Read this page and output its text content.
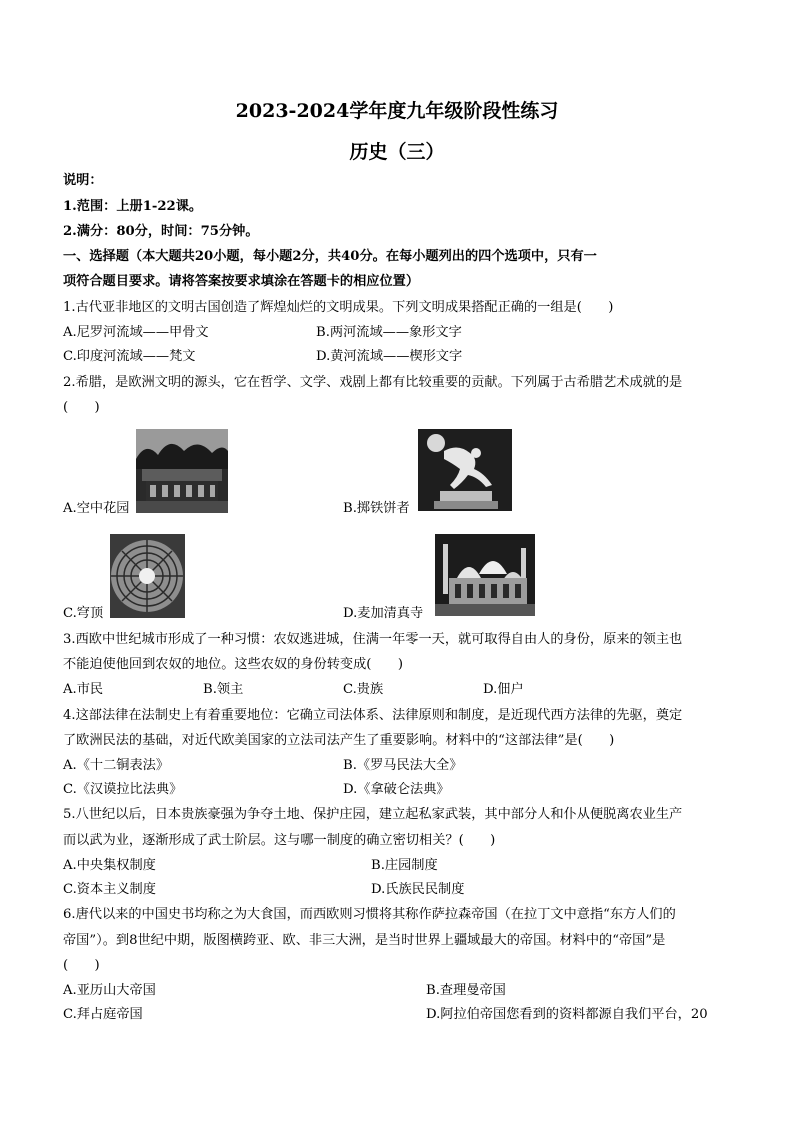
2023-2024学年度九年级阶段性练习
历史（三）
说明：
1.范围：上册1-22课。
2.满分：80分，时间：75分钟。
一、选择题（本大题共20小题，每小题2分，共40分。在每小题列出的四个选项中，只有一
项符合题目要求。请将答案按要求填涂在答题卡的相应位置）
1.古代亚非地区的文明古国创造了辉煌灿烂的文明成果。下列文明成果搭配正确的一组是(　　)
A.尼罗河流域——甲骨文	B.两河流域——象形文字
C.印度河流域——梵文	D.黄河流域——楔形文字
2.希腊，是欧洲文明的源头，它在哲学、文学、戏剧上都有比较重要的贡献。下列属于古希腊艺术成就的是
(　　)
A.空中花园	B.掷铁饼者
C.穹顶	D.麦加清真寺
3.西欧中世纪城市形成了一种习惯：农奴逃进城，住满一年零一天，就可取得自由人的身份，原来的领主也
不能迫使他回到农奴的地位。这些农奴的身份转变成(　　)
A.市民	B.领主	C.贵族	D.佃户
4.这部法律在法制史上有着重要地位：它确立司法体系、法律原则和制度，是近现代西方法律的先驱，奠定
了欧洲民法的基础，对近代欧美国家的立法司法产生了重要影响。材料中的“这部法律”是(　　)
A.《十二铜表法》	B.《罗马民法大全》
C.《汉谟拉比法典》	D.《拿破仑法典》
5.八世纪以后，日本贵族豪强为争夺土地、保护庄园，建立起私家武装，其中部分人和仆从便脱离农业生产
而以武为业，逐渐形成了武士阶层。这与哪一制度的确立密切相关？(　　)
A.中央集权制度	B.庄园制度
C.资本主义制度	D.氏族民民制度
6.唐代以来的中国史书均称之为大食国，而西欧则习惯将其称作萨拉森帝国（在拉丁文中意指“东方人们的
帝国”）。到8世纪中期，版图横跨亚、欧、非三大洲，是当时世界上疆域最大的帝国。材料中的“帝国”是
(　　)
A.亚历山大帝国	B.查理曼帝国
C.拜占庭帝国	D.阿拉伯帝国您看到的资料都源自我们平台，20
